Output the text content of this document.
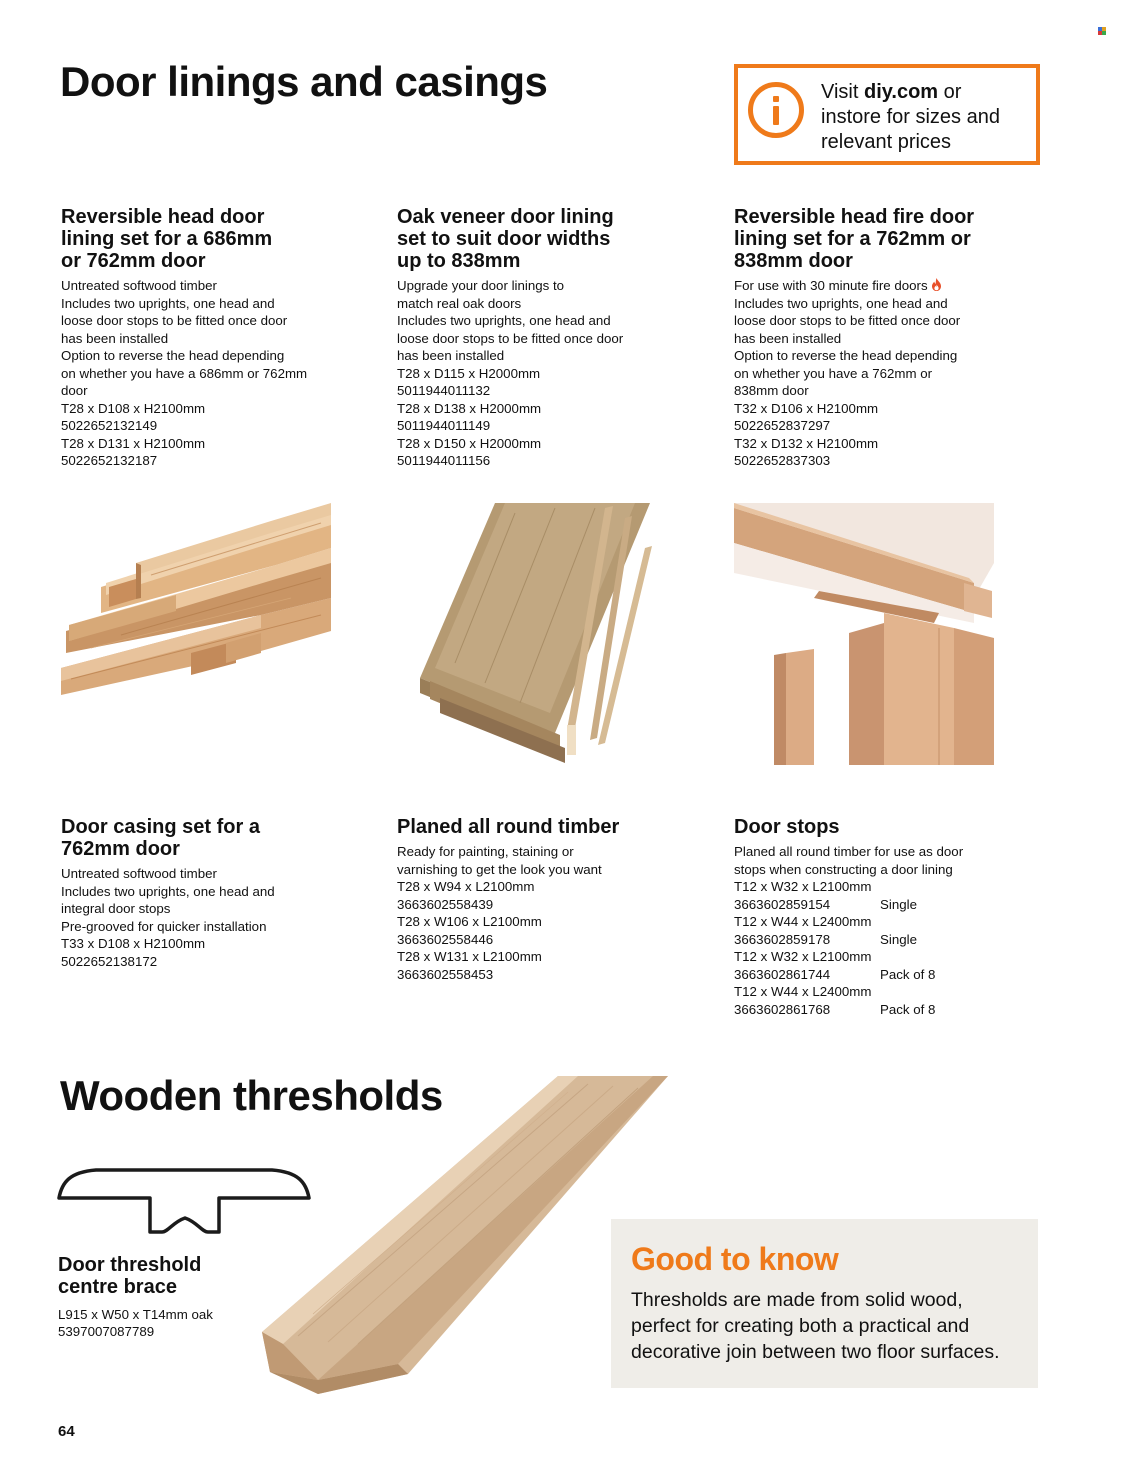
Door linings and casings	Visit diy.com or
instore for sizes and
relevant prices
Reversible head door
lining set for a 686mm
or 762mm door
Untreated softwood timber
Includes two uprights, one head and
loose door stops to be fitted once door
has been installed
Option to reverse the head depending
on whether you have a 686mm or 762mm
door
T28 x D108 x H2100mm
5022652132149
T28 x D131 x H2100mm
5022652132187
Oak veneer door lining
set to suit door widths
up to 838mm
Upgrade your door linings to
match real oak doors
Includes two uprights, one head and
loose door stops to be fitted once door
has been installed
T28 x D115 x H2000mm
5011944011132
T28 x D138 x H2000mm
5011944011149
T28 x D150 x H2000mm
5011944011156
Reversible head fire door
lining set for a 762mm or
838mm door
For use with 30 minute fire doors
Includes two uprights, one head and
loose door stops to be fitted once door
has been installed
Option to reverse the head depending
on whether you have a 762mm or
838mm door
T32 x D106 x H2100mm
5022652837297
T32 x D132 x H2100mm
5022652837303
Door casing set for a
762mm door
Untreated softwood timber
Includes two uprights, one head and
integral door stops
Pre-grooved for quicker installation
T33 x D108 x H2100mm
5022652138172
Planed all round timber
Ready for painting, staining or
varnishing to get the look you want
T28 x W94 x L2100mm
3663602558439
T28 x W106 x L2100mm
3663602558446
T28 x W131 x L2100mm
3663602558453
Door stops
Planed all round timber for use as door
stops when constructing a door lining
T12 x W32 x L2100mm
3663602859154	Single
T12 x W44 x L2400mm
3663602859178	Single
T12 x W32 x L2100mm
3663602861744	Pack of 8
T12 x W44 x L2400mm
3663602861768	Pack of 8
Wooden thresholds
Door threshold
centre brace
L915 x W50 x T14mm oak
5397007087789
Good to know
Thresholds are made from solid wood,
perfect for creating both a practical and
decorative join between two floor surfaces.
64
